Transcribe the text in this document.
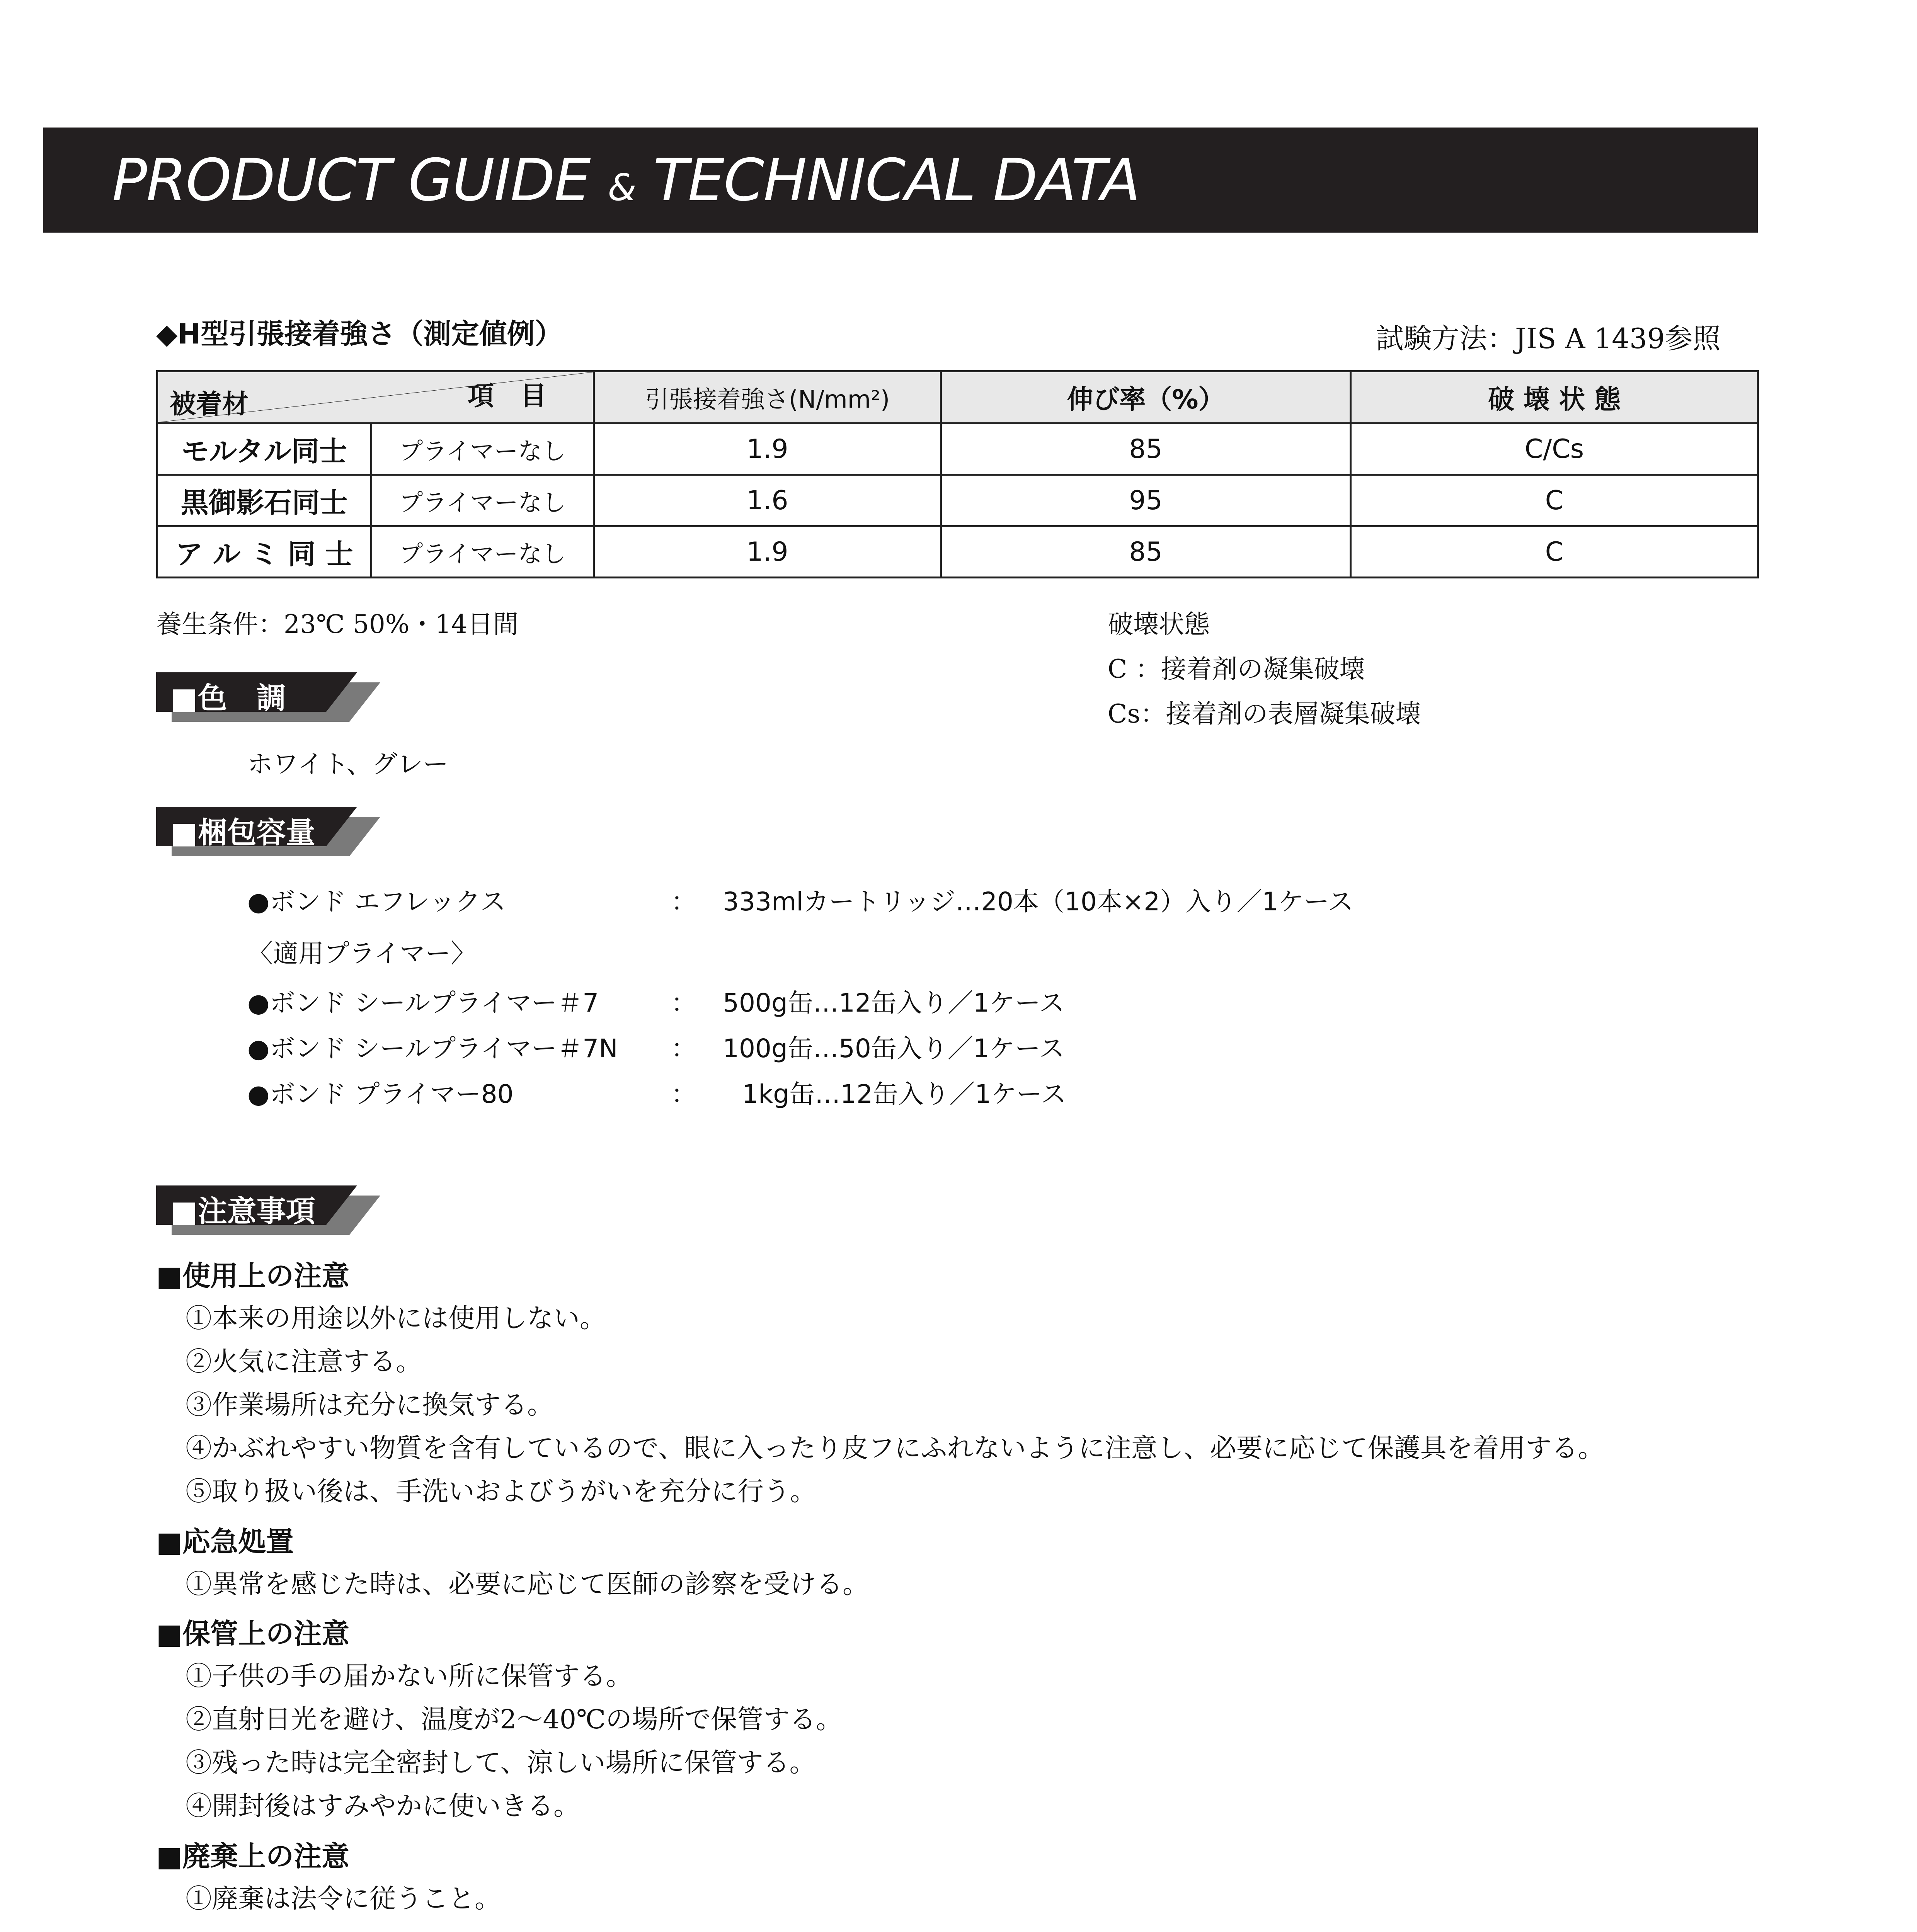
PRODUCT GUIDE & TECHNICAL DATA
◆H型引張接着強さ（測定値例）	試験方法：JIS A 1439参照
項　目
被着材		引張接着強さ(N/mm²)	伸び率（%）	破 壊 状 態
モルタル同士	プライマーなし	1.9	85	C/Cs
黒御影石同士	プライマーなし	1.6	95	C
ア ル ミ 同 士	プライマーなし	1.9	85	C
養生条件：23℃ 50%・14日間	破壊状態
C ：接着剤の凝集破壊
Cs：接着剤の表層凝集破壊
■色　調
ホワイト、グレー
■梱包容量
●ボンド エフレックス	： 333mlカートリッジ…20本（10本×2）入り／1ケース
〈適用プライマー〉
●ボンド シールプライマー＃7	： 500g缶…12缶入り／1ケース
●ボンド シールプライマー＃7N ： 100g缶…50缶入り／1ケース
●ボンド プライマー80	： 1kg缶…12缶入り／1ケース
■注意事項
■使用上の注意
①本来の用途以外には使用しない。
②火気に注意する。
③作業場所は充分に換気する。
④かぶれやすい物質を含有しているので、眼に入ったり皮フにふれないように注意し、必要に応じて保護具を着用する。
⑤取り扱い後は、手洗いおよびうがいを充分に行う。
■応急処置
①異常を感じた時は、必要に応じて医師の診察を受ける。
■保管上の注意
①子供の手の届かない所に保管する。
②直射日光を避け、温度が2～40℃の場所で保管する。
③残った時は完全密封して、涼しい場所に保管する。
④開封後はすみやかに使いきる。
■廃棄上の注意
①廃棄は法令に従うこと。
